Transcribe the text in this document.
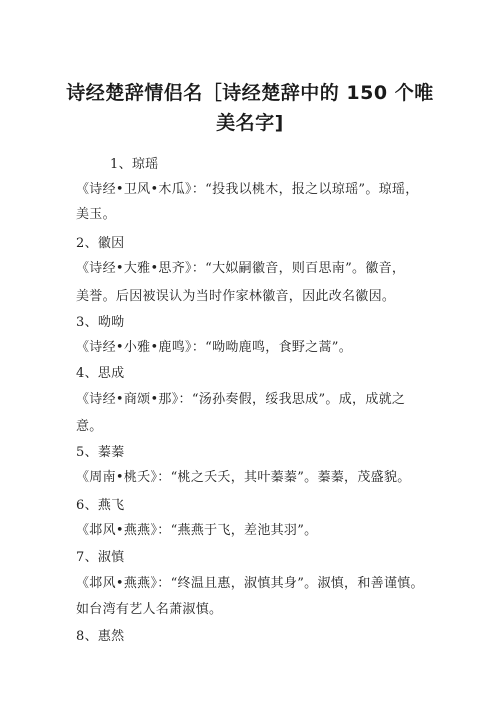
诗经楚辞情侣名［诗经楚辞中的 150 个唯
美名字]
1、琼瑶
《诗经•卫风•木瓜》：“投我以桃木，报之以琼瑶”。琼瑶，
美玉。
2、徽因
《诗经•大雅•思齐》：“大姒嗣徽音，则百思南”。徽音，
美誉。后因被误认为当时作家林徽音，因此改名徽因。
3、呦呦
《诗经•小雅•鹿鸣》：“呦呦鹿鸣，食野之蒿”。
4、思成
《诗经•商颂•那》：“汤孙奏假，绥我思成”。成，成就之
意。
5、蓁蓁
《周南•桃夭》：“桃之夭夭，其叶蓁蓁”。蓁蓁，茂盛貌。
6、燕飞
《邶风•燕燕》：“燕燕于飞，差池其羽”。
7、淑慎
《邶风•燕燕》：“终温且惠，淑慎其身”。淑慎，和善谨慎。
如台湾有艺人名萧淑慎。
8、惠然
